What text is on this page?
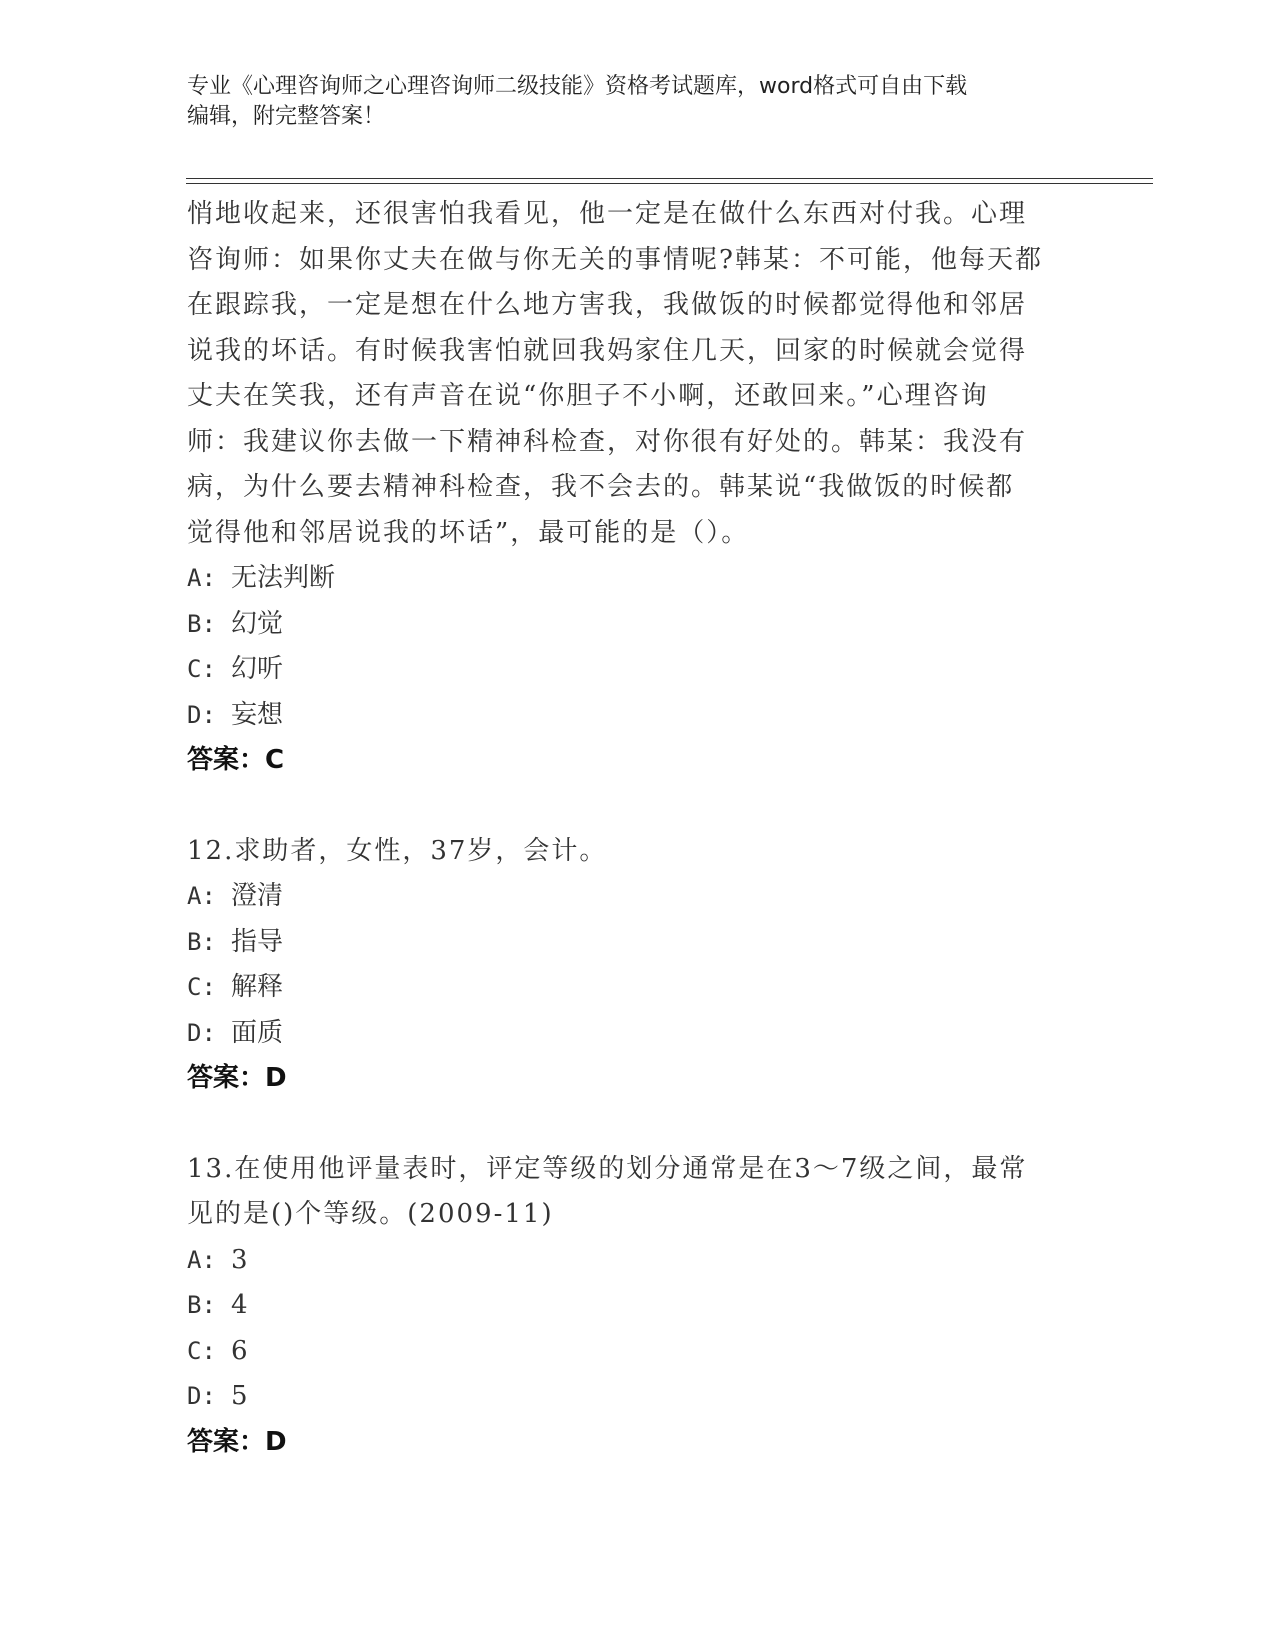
专业《心理咨询师之心理咨询师二级技能》资格考试题库，word格式可自由下载
编辑，附完整答案！
悄地收起来，还很害怕我看见，他一定是在做什么东西对付我。心理
咨询师：如果你丈夫在做与你无关的事情呢?韩某：不可能，他每天都
在跟踪我，一定是想在什么地方害我，我做饭的时候都觉得他和邻居
说我的坏话。有时候我害怕就回我妈家住几天，回家的时候就会觉得
丈夫在笑我，还有声音在说“你胆子不小啊，还敢回来。”心理咨询
师：我建议你去做一下精神科检查，对你很有好处的。韩某：我没有
病，为什么要去精神科检查，我不会去的。韩某说“我做饭的时候都
觉得他和邻居说我的坏话”，最可能的是（）。
A: 无法判断
B: 幻觉
C: 幻听
D: 妄想
答案：C
12.求助者，女性，37岁，会计。
A: 澄清
B: 指导
C: 解释
D: 面质
答案：D
13.在使用他评量表时，评定等级的划分通常是在3～7级之间，最常
见的是()个等级。(2009-11)
A: 3
B: 4
C: 6
D: 5
答案：D
